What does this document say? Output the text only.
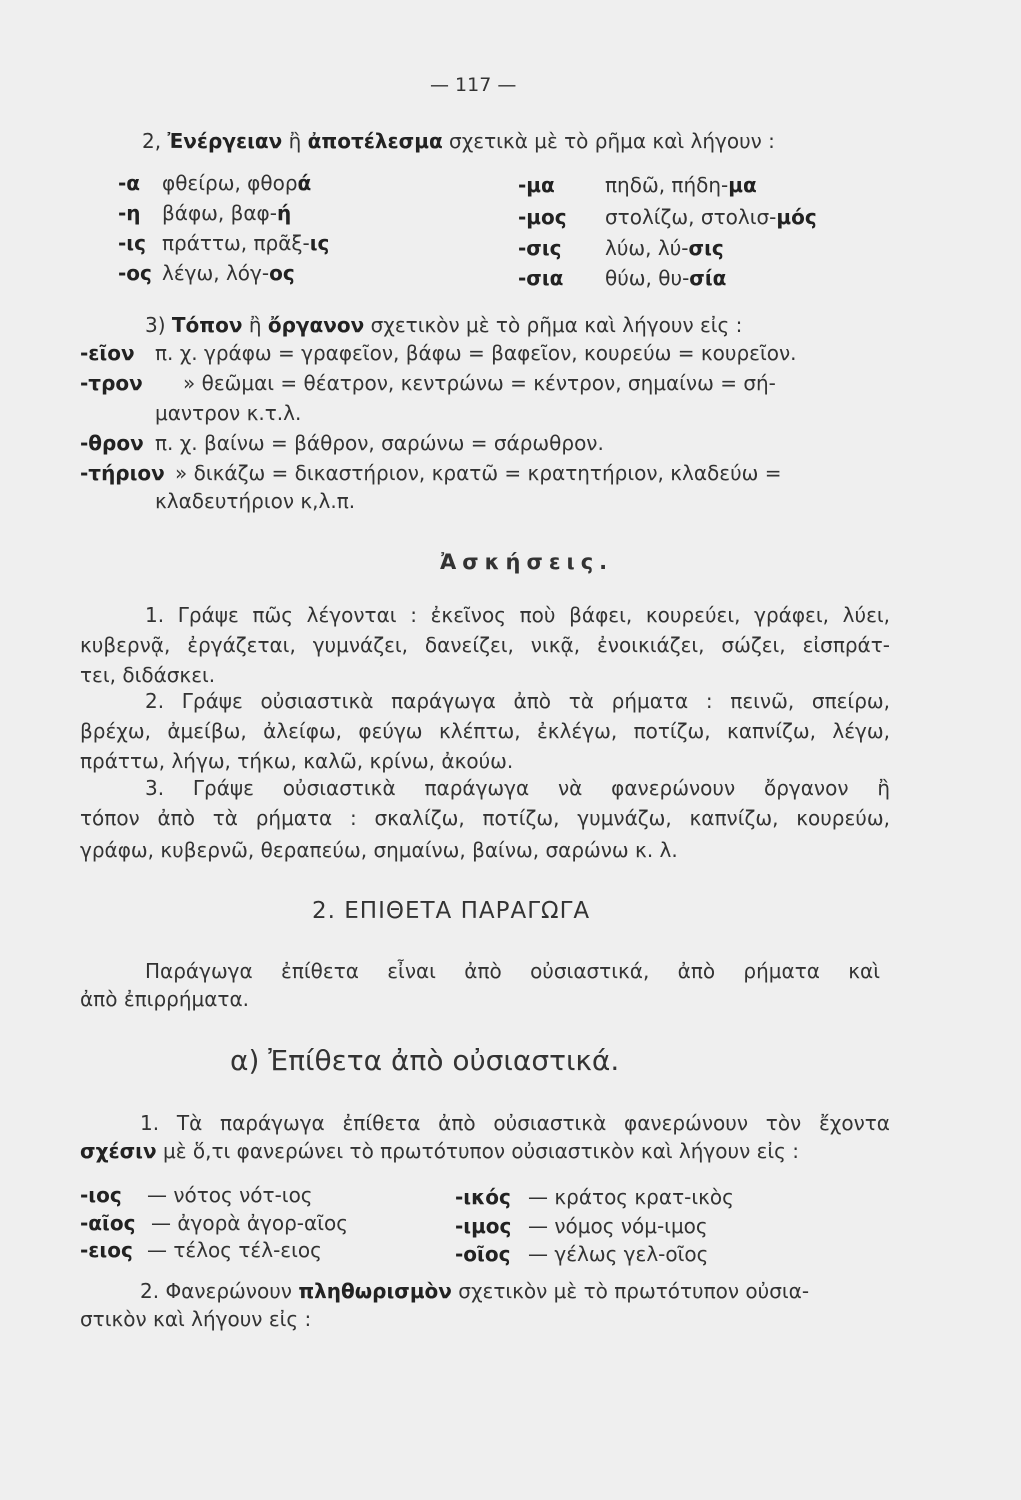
— 117 —
2, Ἐνέργειαν ἢ ἀποτέλεσμα σχετικὰ μὲ τὸ ρῆμα καὶ λήγουν :
-α φθείρω, φθορά
-η βάφω, βαφ-ή
-ις πράττω, πρᾶξ-ις
-ος λέγω, λόγ-ος
-μα	πηδῶ, πήδη-μα
-μος στολίζω, στολισ-μός
-σις λύω, λύ-σις
-σια θύω, θυ-σία
3) Τόπον ἢ ὄργανον σχετικὸν μὲ τὸ ρῆμα καὶ λήγουν εἰς :
-εῖον π. χ. γράφω = γραφεῖον, βάφω = βαφεῖον, κουρεύω = κουρεῖον.
-τρον » θεῶμαι = θέατρον, κεντρώνω = κέντρον, σημαίνω = σή-
μαντρον κ.τ.λ.
-θρον π. χ. βαίνω = βάθρον, σαρώνω = σάρωθρον.
-τήριον » δικάζω = δικαστήριον, κρατῶ = κρατητήριον, κλαδεύω =
κλαδευτήριον κ,λ.π.
Ἀσκήσεις.
1. Γράψε πῶς λέγονται : ἐκεῖνος ποὺ βάφει, κουρεύει, γράφει, λύει,
κυβερνᾷ, ἐργάζεται, γυμνάζει, δανείζει, νικᾷ, ἐνοικιάζει, σώζει, εἰσπράτ-
τει, διδάσκει.
2. Γράψε οὐσιαστικὰ παράγωγα ἀπὸ τὰ ρήματα : πεινῶ, σπείρω,
βρέχω, ἀμείβω, ἀλείφω, φεύγω κλέπτω, ἐκλέγω, ποτίζω, καπνίζω, λέγω,
πράττω, λήγω, τήκω, καλῶ, κρίνω, ἀκούω.
3. Γράψε οὐσιαστικὰ παράγωγα νὰ φανερώνουν ὄργανον ἢ
τόπον ἀπὸ τὰ ρήματα : σκαλίζω, ποτίζω, γυμνάζω, καπνίζω, κουρεύω,
γράφω, κυβερνῶ, θεραπεύω, σημαίνω, βαίνω, σαρώνω κ. λ.
2. ΕΠΙΘΕΤΑ ΠΑΡΑΓΩΓΑ
Παράγωγα ἐπίθετα εἶναι ἀπὸ οὐσιαστικά, ἀπὸ ρήματα καὶ
ἀπὸ ἐπιρρήματα.
α) Ἐπίθετα ἀπὸ οὐσιαστικά.
1. Τὰ παράγωγα ἐπίθετα ἀπὸ οὐσιαστικὰ φανερώνουν τὸν ἔχοντα
σχέσιν μὲ ὅ,τι φανερώνει τὸ πρωτότυπον οὐσιαστικὸν καὶ λήγουν εἰς :
-ιος — νότος νότ-ιος
-αῖος — ἀγορὰ ἀγορ-αῖος
-ειος — τέλος τέλ-ειος
-ικός — κράτος κρατ-ικὸς
-ιμος — νόμος νόμ-ιμος
-οῖος — γέλως γελ-οῖος
2. Φανερώνουν πληθωρισμὸν σχετικὸν μὲ τὸ πρωτότυπον οὐσια-
στικὸν καὶ λήγουν εἰς :
